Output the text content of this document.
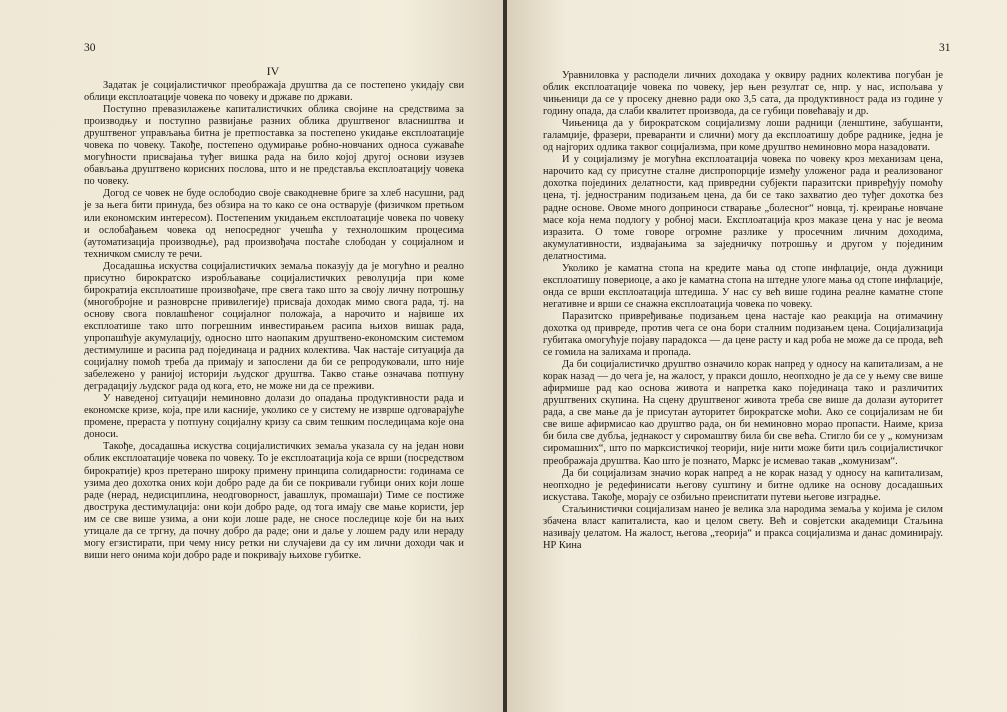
30
IV

Задатак је социјалистичког преображаја друштва да се постепено укидају сви облици експлоатације човека по човеку и државе по држави.

Поступно превазилажење капиталистичких облика својине на средствима за производњу и поступно развијање разних облика друштвеног власништва и друштвеног управљања битна је претпоставка за постепено укидање експлоатације човека по човеку. Такође, постепено одумирање робно-новчаних односа сужаваће могућности присвајања туђег вишка рада на било којој другој основи изузев обављања друштвено корисних послова, што и не представља експлоатацију човека по човеку.

Догод се човек не буде ослободио своје свакодневне бриге за хлеб насушни, рад је за њега бити принуда, без обзира на то како се она остварује (физичком претњом или економским интересом). Постепеним укидањем експлоатације човека по човеку и ослобађањем човека од непосредног учешћа у технолошким процесима (аутоматизација производње), рад произвођача постаће слободан у социјалном и техничком смислу те речи.

Досадашња искуства социјалистичких земаља показују да је могућно и реално присутно бирократско изробљавање социјалистичких револуција при коме бирократија експлоатише произвођаче, пре свега тако што за своју личну потрошњу (многобројне и разноврсне привилегије) присваја доходак мимо свога рада, тј. на основу свога повлашћеног социјалног положаја, а нарочито и највише их експлоатише тако што погрешним инвестирањем расипа њихов вишак рада, упропашћује акумулацију, односно што наопаким друштвено-економским системом дестимулише и расипа рад појединаца и радних колектива. Чак настаје ситуација да социјалну помоћ треба да примају и запослени да би се репродуковали, што није забележено у ранијој историји људског друштва. Такво стање означава потпуну деградацију људског рада од кога, ето, не може ни да се преживи.

У наведеној ситуацији неминовно долази до опадања продуктивности рада и економске кризе, која, пре или касније, уколико се у систему не изврше одговарајуће промене, прераста у потпуну социјалну кризу са свим тешким последицама које она доноси.

Такође, досадашња искуства социјалистичких земаља указала су на један нови облик експлоатације човека по човеку. То је експлоатација која се врши (посредством бирократије) кроз претерано широку примену принципа солидарности: годинама се узима део дохотка оних који добро раде да би се покривали губици оних који лоше раде (нерад, недисциплина, неодговорност, јавашлук, промашаји) Тиме се постиже двострука дестимулација: они који добро раде, од тога имају све мање користи, јер им се све више узима, а они који лоше раде, не сносе последице које би на њих утицале да се тргну, да почну добро да раде; они и даље у лошем раду или нераду могу егзистирати, при чему нису ретки ни случајеви да су им лични доходи чак и виши него онима који добро раде и покривају њихове губитке.

31

Уравниловка у расподели личних доходака у оквиру радних колектива погубан је облик експлоатације човека по човеку, јер њен резултат се, нпр. у нас, испољава у чињеници да се у просеку дневно ради око 3,5 сата, да продуктивност рада из године у годину опада, да слаби квалитет производа, да се губици повећавају и др.

Чињеница да у бирократском социјализму лоши радници (ленштине, забушанти, галамџије, фразери, преваранти и слични) могу да експлоатишу добре раднике, једна је од најгорих одлика таквог социјализма, при коме друштво неминовно мора назадовати.

И у социјализму је могућна експлоатација човека по човеку кроз механизам цена, нарочито кад су присутне сталне диспропорције између уложеног рада и реализованог дохотка појединих делатности, кад привредни субјекти паразитски привређују помоћу цена, тј. једностраним подизањем цена, да би се тако захватио део туђег дохотка без радне основе. Овоме много доприноси стварање „болесног“ новца, тј. креирање новчане масе која нема подлогу у робној маси. Експлоатација кроз маказе цена у нас је веома изразита. О томе говоре огромне разлике у просечним личним доходима, акумулативности, издвајањима за заједничку потрошњу и другом у појединим делатностима.

Уколико је каматна стопа на кредите мања од стопе инфлације, онда дужници експлоатишу повериоце, а ако је каматна стопа на штедне улоге мања од стопе инфлације, онда се врши експлоатација штедиша. У нас су већ више година реалне каматне стопе негативне и врши се снажна експлоатација човека по човеку.

Паразитско привређивање подизањем цена настаје као реакција на отимачину дохотка од привреде, против чега се она бори сталним подизањем цена. Социјализација губитака омогућује појаву парадокса — да цене расту и кад роба не може да се прода, већ се гомила на залихама и пропада.

Да би социјалистичко друштво означило корак напред у односу на капитализам, а не корак назад — до чега је, на жалост, у пракси дошло, неопходно је да се у њему све више афирмише рад као основа живота и напретка како појединаца тако и различитих друштвених скупина. На сцену друштвеног живота треба све више да долази ауторитет рада, а све мање да је присутан ауторитет бирократске моћи. Ако се социјализам не би све више афирмисао као друштво рада, он би неминовно морао пропасти. Наиме, криза би била све дубља, једнакост у сиромаштву била би све већа. Стигло би се у „ комунизам сиромашних“, што по марксистичкој теорији, није нити може бити циљ социјалистичког преображаја друштва. Као што је познато, Маркс је исмевао такав „комунизам“.

Да би социјализам значио корак напред а не корак назад у односу на капитализам, неопходно је редефинисати његову суштину и битне одлике на основу досадашњих искустава. Такође, морају се озбиљно преиспитати путеви његове изградње.

Стаљинистички социјализам нанео је велика зла народима земаља у којима је силом збачена власт капиталиста, као и целом свету. Већ и совјетски академици Стаљина називају џелатом. На жалост, његова „теорија“ и пракса социјализма и данас доминирају. НР Кина
